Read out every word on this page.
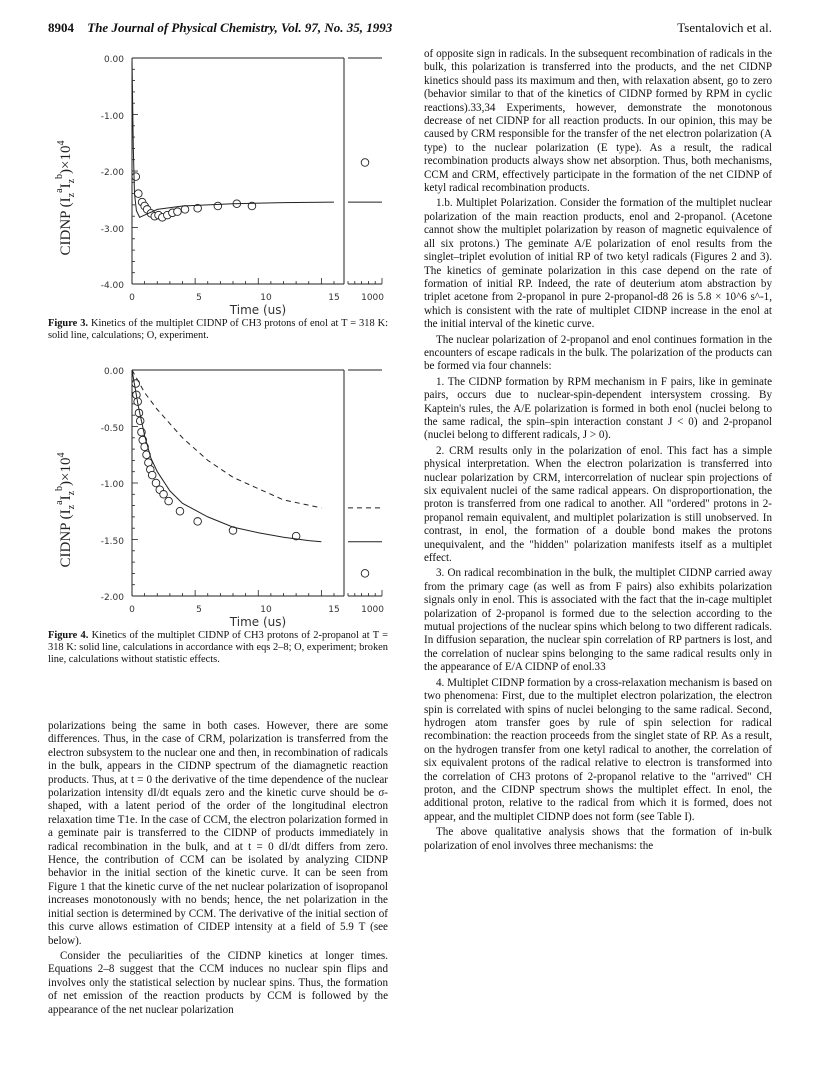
8904 The Journal of Physical Chemistry, Vol. 97, No. 35, 1993	Tsentalovich et al.
CIDNP $(I_z^aI_z^b)\times 10^4$
0.00
-1.00
-2.00
-3.00
-4.00
0	5	10	15 1000
Time (us)
Figure 3. Kinetics of the multiplet CIDNP of CH3 protons of enol at T = 318 K: solid line, calculations; O, experiment.
CIDNP $(I_z^aI_z^b)\times 10^4$
0.00
-0.50
-1.00
-1.50
-2.00
0	5	10	15 1000
Time (us)
Figure 4. Kinetics of the multiplet CIDNP of CH3 protons of 2-propanol at T = 318 K: solid line, calculations in accordance with eqs 2–8; O, experiment; broken line, calculations without statistic effects.

polarizations being the same in both cases. However, there are some differences. Thus, in the case of CRM, polarization is transferred from the electron subsystem to the nuclear one and then, in recombination of radicals in the bulk, appears in the CIDNP spectrum of the diamagnetic reaction products. Thus, at t = 0 the derivative of the time dependence of the nuclear polarization intensity dI/dt equals zero and the kinetic curve should be σ-shaped, with a latent period of the order of the longitudinal electron relaxation time T1e. In the case of CCM, the electron polarization formed in a geminate pair is transferred to the CIDNP of products immediately in radical recombination in the bulk, and at t = 0 dI/dt differs from zero. Hence, the contribution of CCM can be isolated by analyzing CIDNP behavior in the initial section of the kinetic curve. It can be seen from Figure 1 that the kinetic curve of the net nuclear polarization of isopropanol increases monotonously with no bends; hence, the net polarization in the initial section is determined by CCM. The derivative of the initial section of this curve allows estimation of CIDEP intensity at a field of 5.9 T (see below).

Consider the peculiarities of the CIDNP kinetics at longer times. Equations 2–8 suggest that the CCM induces no nuclear spin flips and involves only the statistical selection by nuclear spins. Thus, the formation of net emission of the reaction products by CCM is followed by the appearance of the net nuclear polarization

of opposite sign in radicals. In the subsequent recombination of radicals in the bulk, this polarization is transferred into the products, and the net CIDNP kinetics should pass its maximum and then, with relaxation absent, go to zero (behavior similar to that of the kinetics of CIDNP formed by RPM in cyclic reactions).33,34 Experiments, however, demonstrate the monotonous decrease of net CIDNP for all reaction products. In our opinion, this may be caused by CRM responsible for the transfer of the net electron polarization (A type) to the nuclear polarization (E type). As a result, the radical recombination products always show net absorption. Thus, both mechanisms, CCM and CRM, effectively participate in the formation of the net CIDNP of ketyl radical recombination products.

1.b. Multiplet Polarization. Consider the formation of the multiplet nuclear polarization of the main reaction products, enol and 2-propanol. (Acetone cannot show the multiplet polarization by reason of magnetic equivalence of all six protons.) The geminate A/E polarization of enol results from the singlet–triplet evolution of initial RP of two ketyl radicals (Figures 2 and 3). The kinetics of geminate polarization in this case depend on the rate of formation of initial RP. Indeed, the rate of deuterium atom abstraction by triplet acetone from 2-propanol in pure 2-propanol-d8 26 is 5.8 × 10^6 s^-1, which is consistent with the rate of multiplet CIDNP increase in the enol at the initial interval of the kinetic curve.

The nuclear polarization of 2-propanol and enol continues formation in the encounters of escape radicals in the bulk. The polarization of the products can be formed via four channels:

1. The CIDNP formation by RPM mechanism in F pairs, like in geminate pairs, occurs due to nuclear-spin-dependent intersystem crossing. By Kaptein's rules, the A/E polarization is formed in both enol (nuclei belong to the same radical, the spin–spin interaction constant J < 0) and 2-propanol (nuclei belong to different radicals, J > 0).

2. CRM results only in the polarization of enol. This fact has a simple physical interpretation. When the electron polarization is transferred into nuclear polarization by CRM, intercorrelation of nuclear spin projections of six equivalent nuclei of the same radical appears. On disproportionation, the proton is transferred from one radical to another. All "ordered" protons in 2-propanol remain equivalent, and multiplet polarization is still unobserved. In contrast, in enol, the formation of a double bond makes the protons unequivalent, and the "hidden" polarization manifests itself as a multiplet effect.

3. On radical recombination in the bulk, the multiplet CIDNP carried away from the primary cage (as well as from F pairs) also exhibits polarization signals only in enol. This is associated with the fact that the in-cage multiplet polarization of 2-propanol is formed due to the selection according to the mutual projections of the nuclear spins which belong to two different radicals. In diffusion separation, the nuclear spin correlation of RP partners is lost, and the correlation of nuclear spins belonging to the same radical results only in the appearance of E/A CIDNP of enol.33

4. Multiplet CIDNP formation by a cross-relaxation mechanism is based on two phenomena: First, due to the multiplet electron polarization, the electron spin is correlated with spins of nuclei belonging to the same radical. Second, hydrogen atom transfer goes by rule of spin selection for radical recombination: the reaction proceeds from the singlet state of RP. As a result, on the hydrogen transfer from one ketyl radical to another, the correlation of six equivalent protons of the radical relative to electron is transformed into the correlation of CH3 protons of 2-propanol relative to the "arrived" CH proton, and the CIDNP spectrum shows the multiplet effect. In enol, the additional proton, relative to the radical from which it is formed, does not appear, and the multiplet CIDNP does not form (see Table I).

The above qualitative analysis shows that the formation of in-bulk polarization of enol involves three mechanisms: the
